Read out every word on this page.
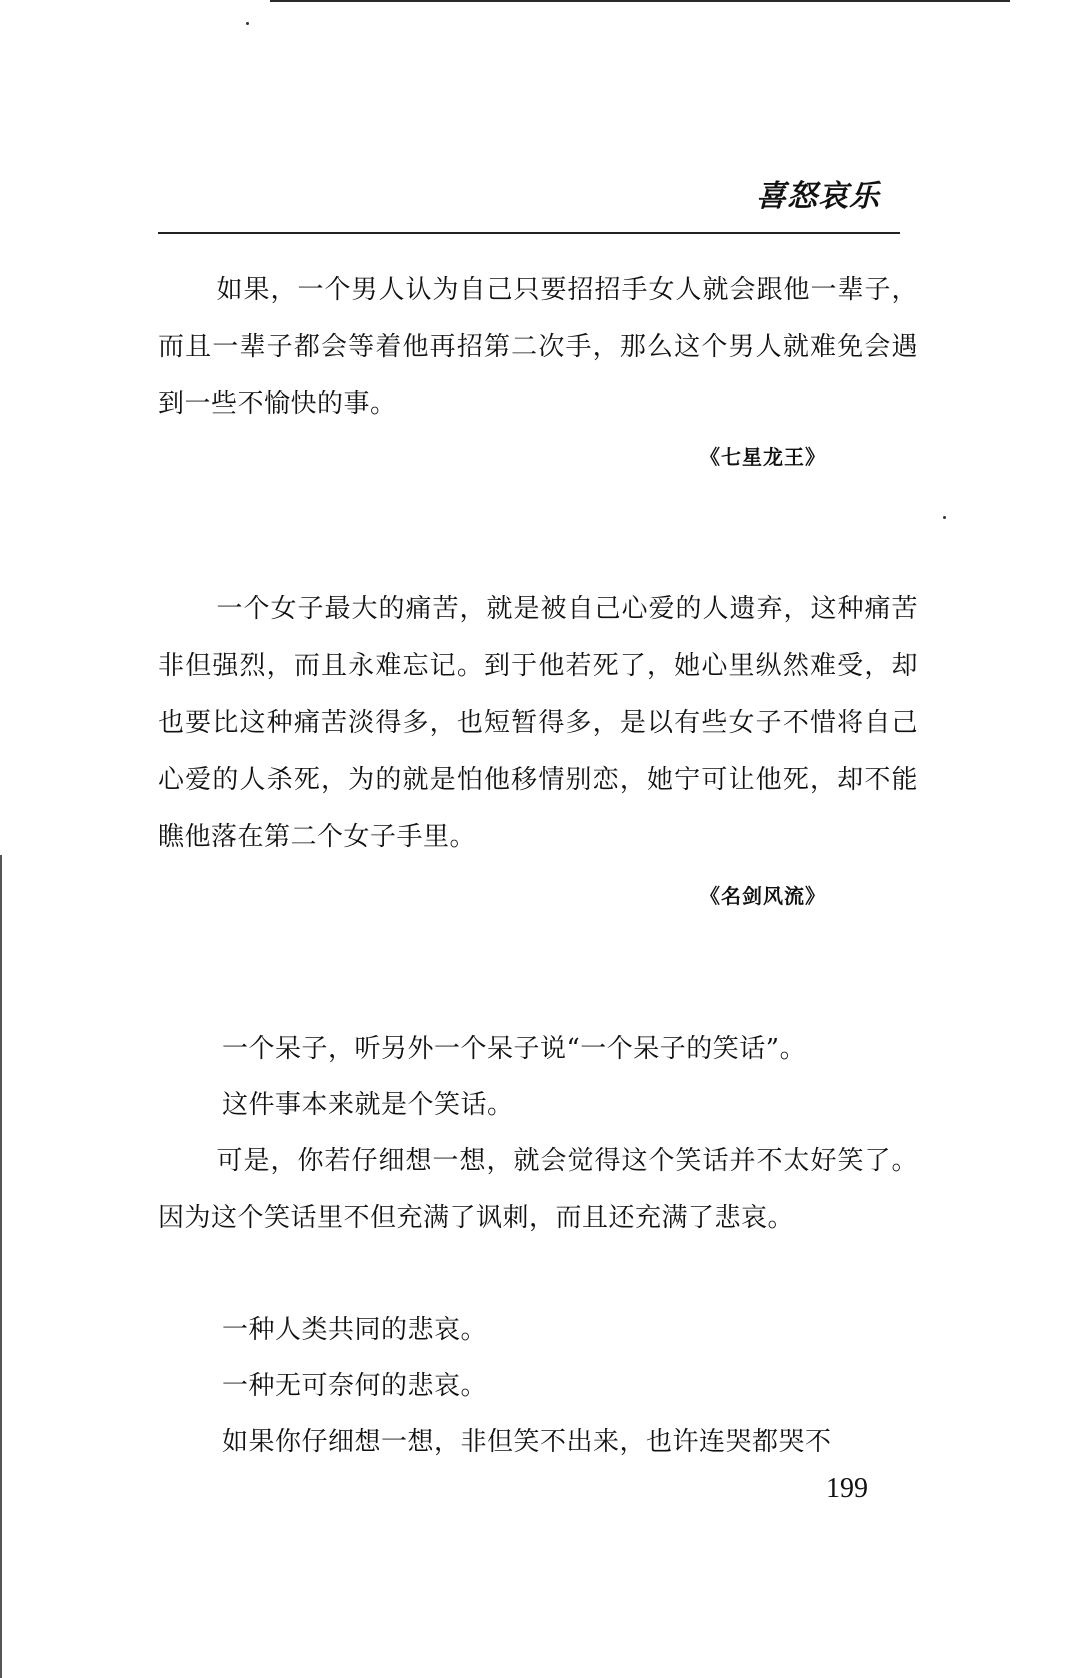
喜怒哀乐
如果，一个男人认为自己只要招招手女人就会跟他一辈子，而且一辈子都会等着他再招第二次手，那么这个男人就难免会遇到一些不愉快的事。
《七星龙王》
一个女子最大的痛苦，就是被自己心爱的人遗弃，这种痛苦非但强烈，而且永难忘记。到于他若死了，她心里纵然难受，却也要比这种痛苦淡得多，也短暂得多，是以有些女子不惜将自己心爱的人杀死，为的就是怕他移情别恋，她宁可让他死，却不能瞧他落在第二个女子手里。
《名剑风流》
一个呆子，听另外一个呆子说“一个呆子的笑话”。
这件事本来就是个笑话。
可是，你若仔细想一想，就会觉得这个笑话并不太好笑了。因为这个笑话里不但充满了讽刺，而且还充满了悲哀。
一种人类共同的悲哀。
一种无可奈何的悲哀。
如果你仔细想一想，非但笑不出来，也许连哭都哭不
199
